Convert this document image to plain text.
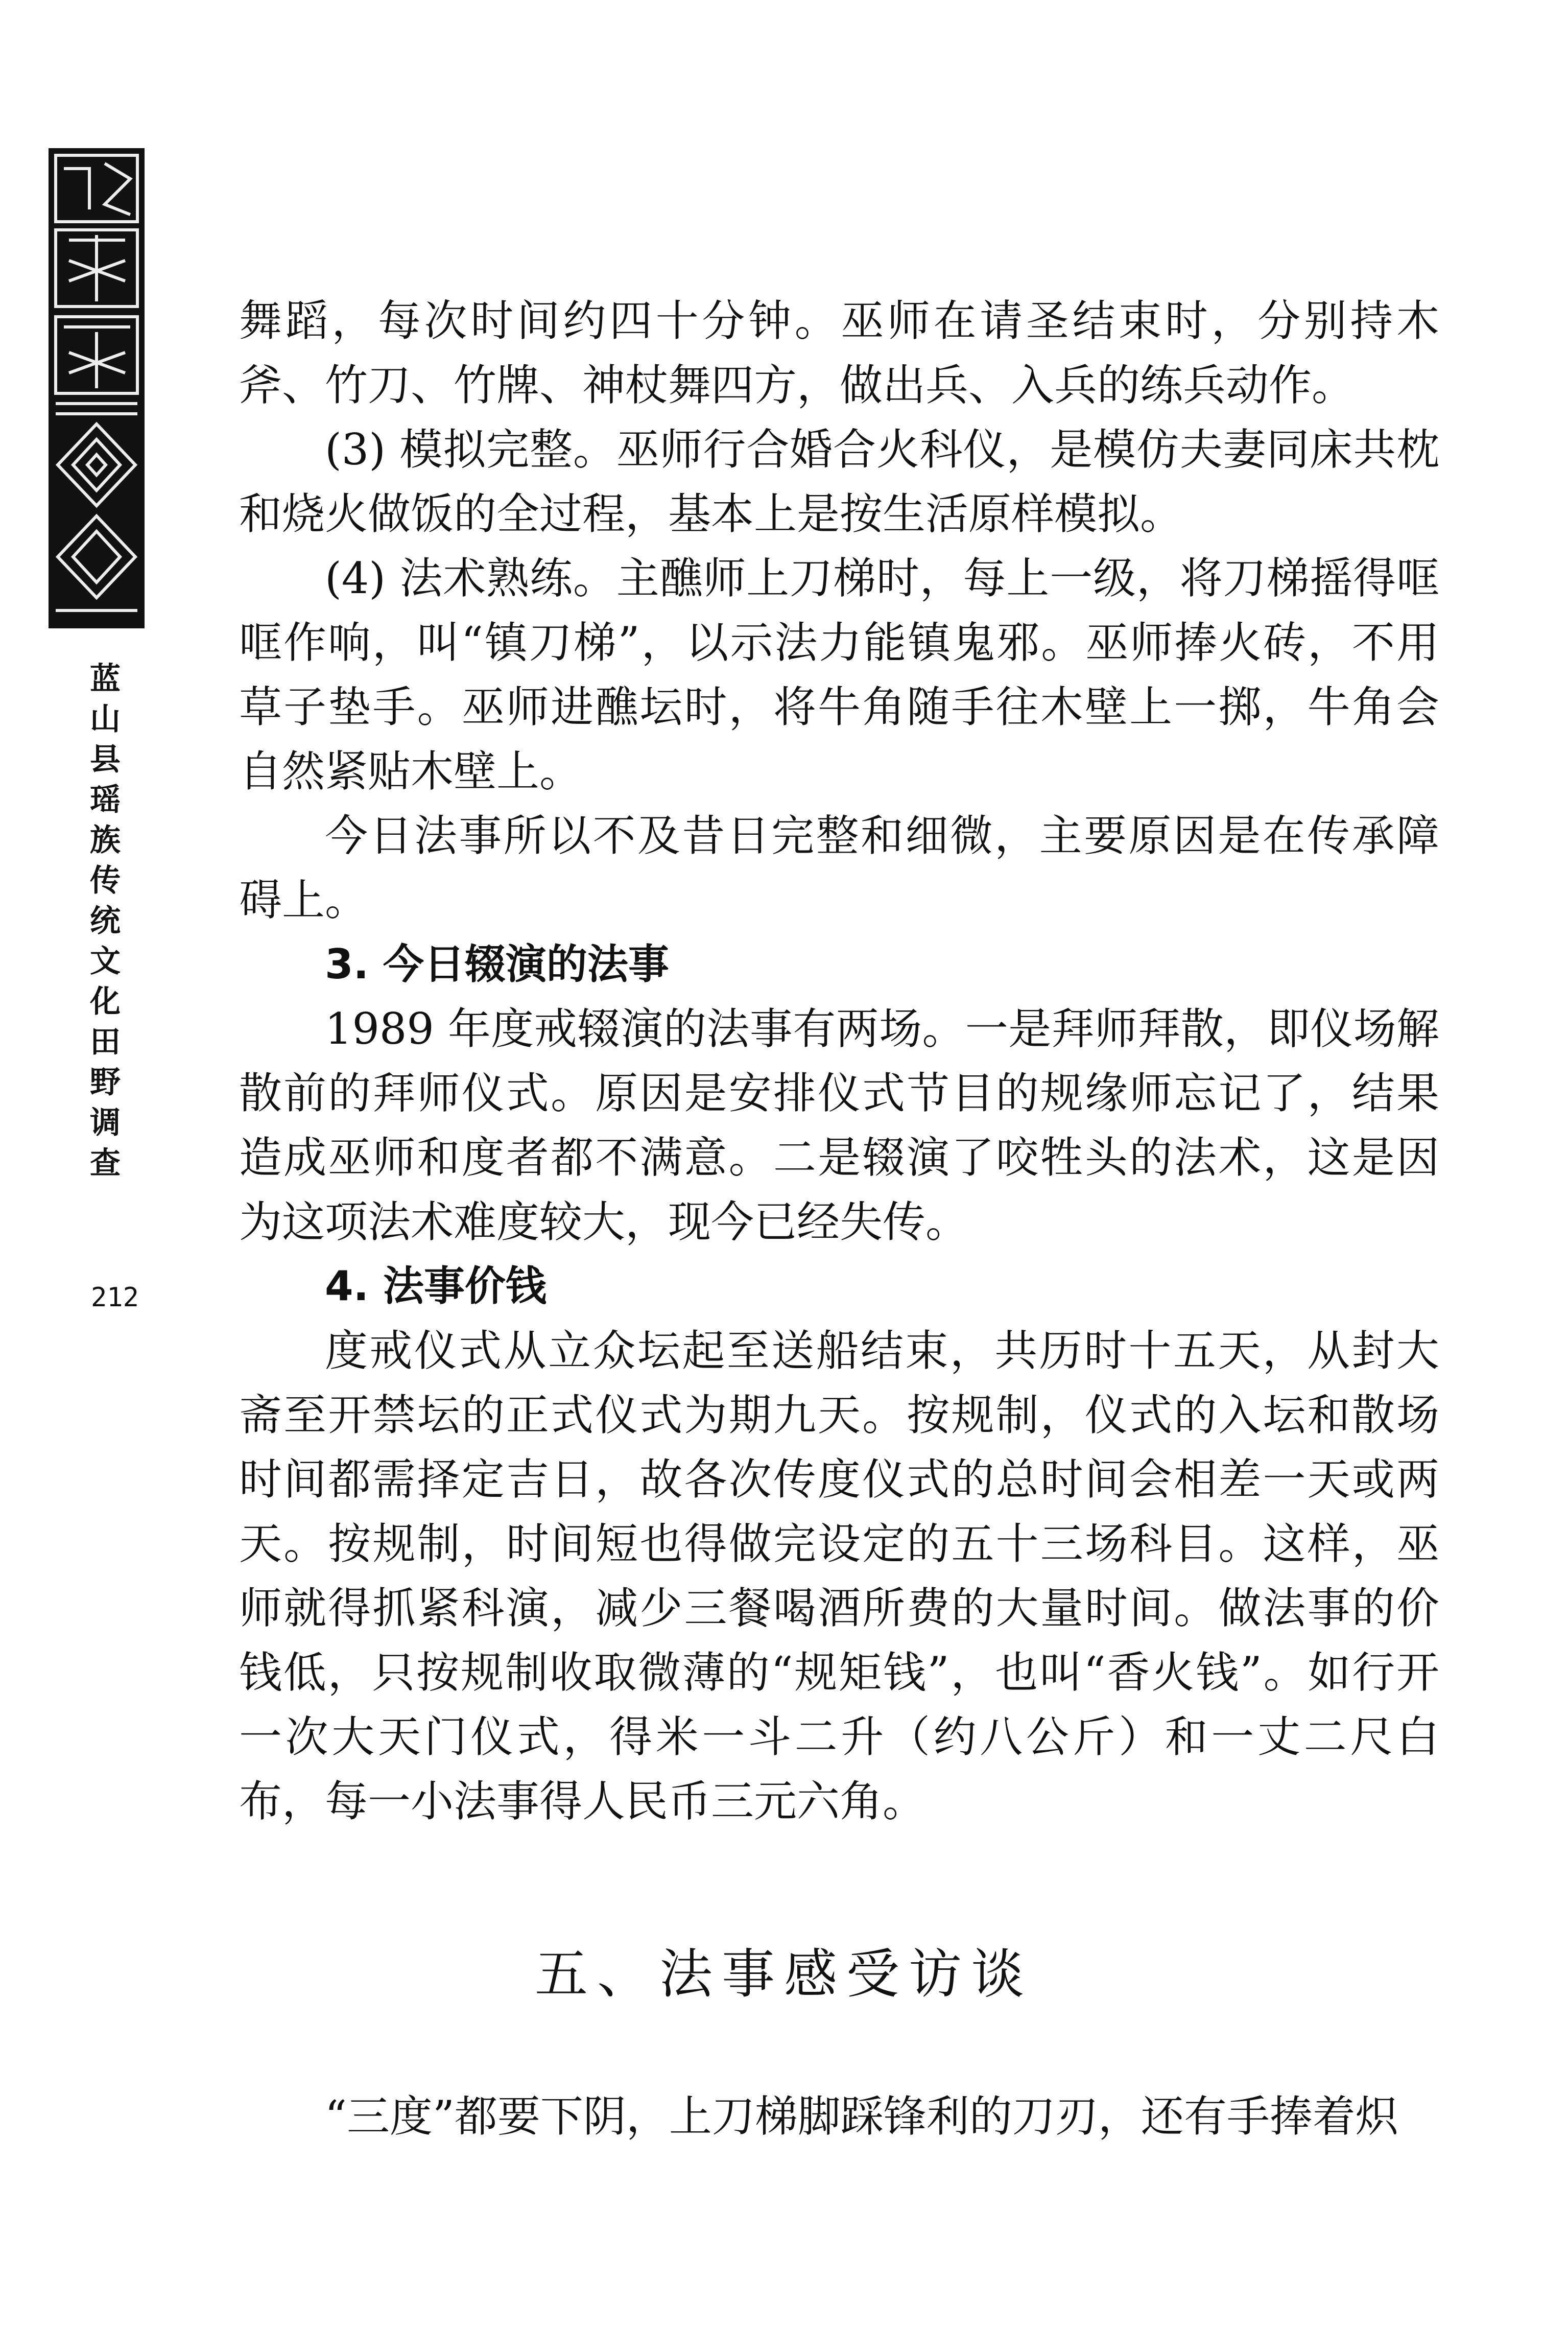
蓝
山
县
瑶
族
传
统
文
化
田
野
调
查
212

舞蹈，每次时间约四十分钟。巫师在请圣结束时，分别持木斧、竹刀、竹牌、神杖舞四方，做出兵、入兵的练兵动作。

(3) 模拟完整。巫师行合婚合火科仪，是模仿夫妻同床共枕和烧火做饭的全过程，基本上是按生活原样模拟。

(4) 法术熟练。主醮师上刀梯时，每上一级，将刀梯摇得哐哐作响，叫“镇刀梯”，以示法力能镇鬼邪。巫师捧火砖，不用草子垫手。巫师进醮坛时，将牛角随手往木壁上一掷，牛角会自然紧贴木壁上。

今日法事所以不及昔日完整和细微，主要原因是在传承障碍上。

3. 今日辍演的法事

1989 年度戒辍演的法事有两场。一是拜师拜散，即仪场解散前的拜师仪式。原因是安排仪式节目的规缘师忘记了，结果造成巫师和度者都不满意。二是辍演了咬牲头的法术，这是因为这项法术难度较大，现今已经失传。

4. 法事价钱

度戒仪式从立众坛起至送船结束，共历时十五天，从封大斋至开禁坛的正式仪式为期九天。按规制，仪式的入坛和散场时间都需择定吉日，故各次传度仪式的总时间会相差一天或两天。按规制，时间短也得做完设定的五十三场科目。这样，巫师就得抓紧科演，减少三餐喝酒所费的大量时间。做法事的价钱低，只按规制收取微薄的“规矩钱”，也叫“香火钱”。如行开一次大天门仪式，得米一斗二升（约八公斤）和一丈二尺白布，每一小法事得人民币三元六角。

五、法事感受访谈

“三度”都要下阴，上刀梯脚踩锋利的刀刃，还有手捧着炽
